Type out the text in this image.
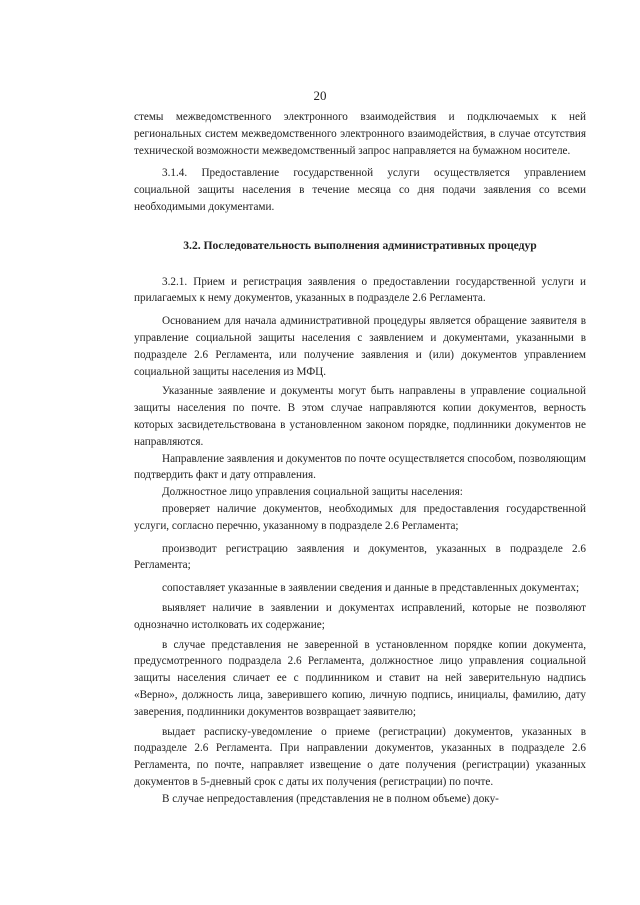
20

стемы межведомственного электронного взаимодействия и подключаемых к ней региональных систем межведомственного электронного взаимодействия, в случае отсутствия технической возможности межведомственный запрос направляется на бумажном носителе.

3.1.4. Предоставление государственной услуги осуществляется управлением социальной защиты населения в течение месяца со дня подачи заявления со всеми необходимыми документами.

3.2. Последовательность выполнения административных процедур

3.2.1. Прием и регистрация заявления о предоставлении государственной услуги и прилагаемых к нему документов, указанных в подразделе 2.6 Регламента.

Основанием для начала административной процедуры является обращение заявителя в управление социальной защиты населения с заявлением и документами, указанными в подразделе 2.6 Регламента, или получение заявления и (или) документов управлением социальной защиты населения из МФЦ.

Указанные заявление и документы могут быть направлены в управление социальной защиты населения по почте. В этом случае направляются копии документов, верность которых засвидетельствована в установленном законом порядке, подлинники документов не направляются.

Направление заявления и документов по почте осуществляется способом, позволяющим подтвердить факт и дату отправления.

Должностное лицо управления социальной защиты населения:

проверяет наличие документов, необходимых для предоставления государственной услуги, согласно перечню, указанному в подразделе 2.6 Регламента;

производит регистрацию заявления и документов, указанных в подразделе 2.6 Регламента;

сопоставляет указанные в заявлении сведения и данные в представленных документах;

выявляет наличие в заявлении и документах исправлений, которые не позволяют однозначно истолковать их содержание;

в случае представления не заверенной в установленном порядке копии документа, предусмотренного подраздела 2.6 Регламента, должностное лицо управления социальной защиты населения сличает ее с подлинником и ставит на ней заверительную надпись «Верно», должность лица, заверившего копию, личную подпись, инициалы, фамилию, дату заверения, подлинники документов возвращает заявителю;

выдает расписку-уведомление о приеме (регистрации) документов, указанных в подразделе 2.6 Регламента. При направлении документов, указанных в подразделе 2.6 Регламента, по почте, направляет извещение о дате получения (регистрации) указанных документов в 5-дневный срок с даты их получения (регистрации) по почте.

В случае непредоставления (представления не в полном объеме) доку-
